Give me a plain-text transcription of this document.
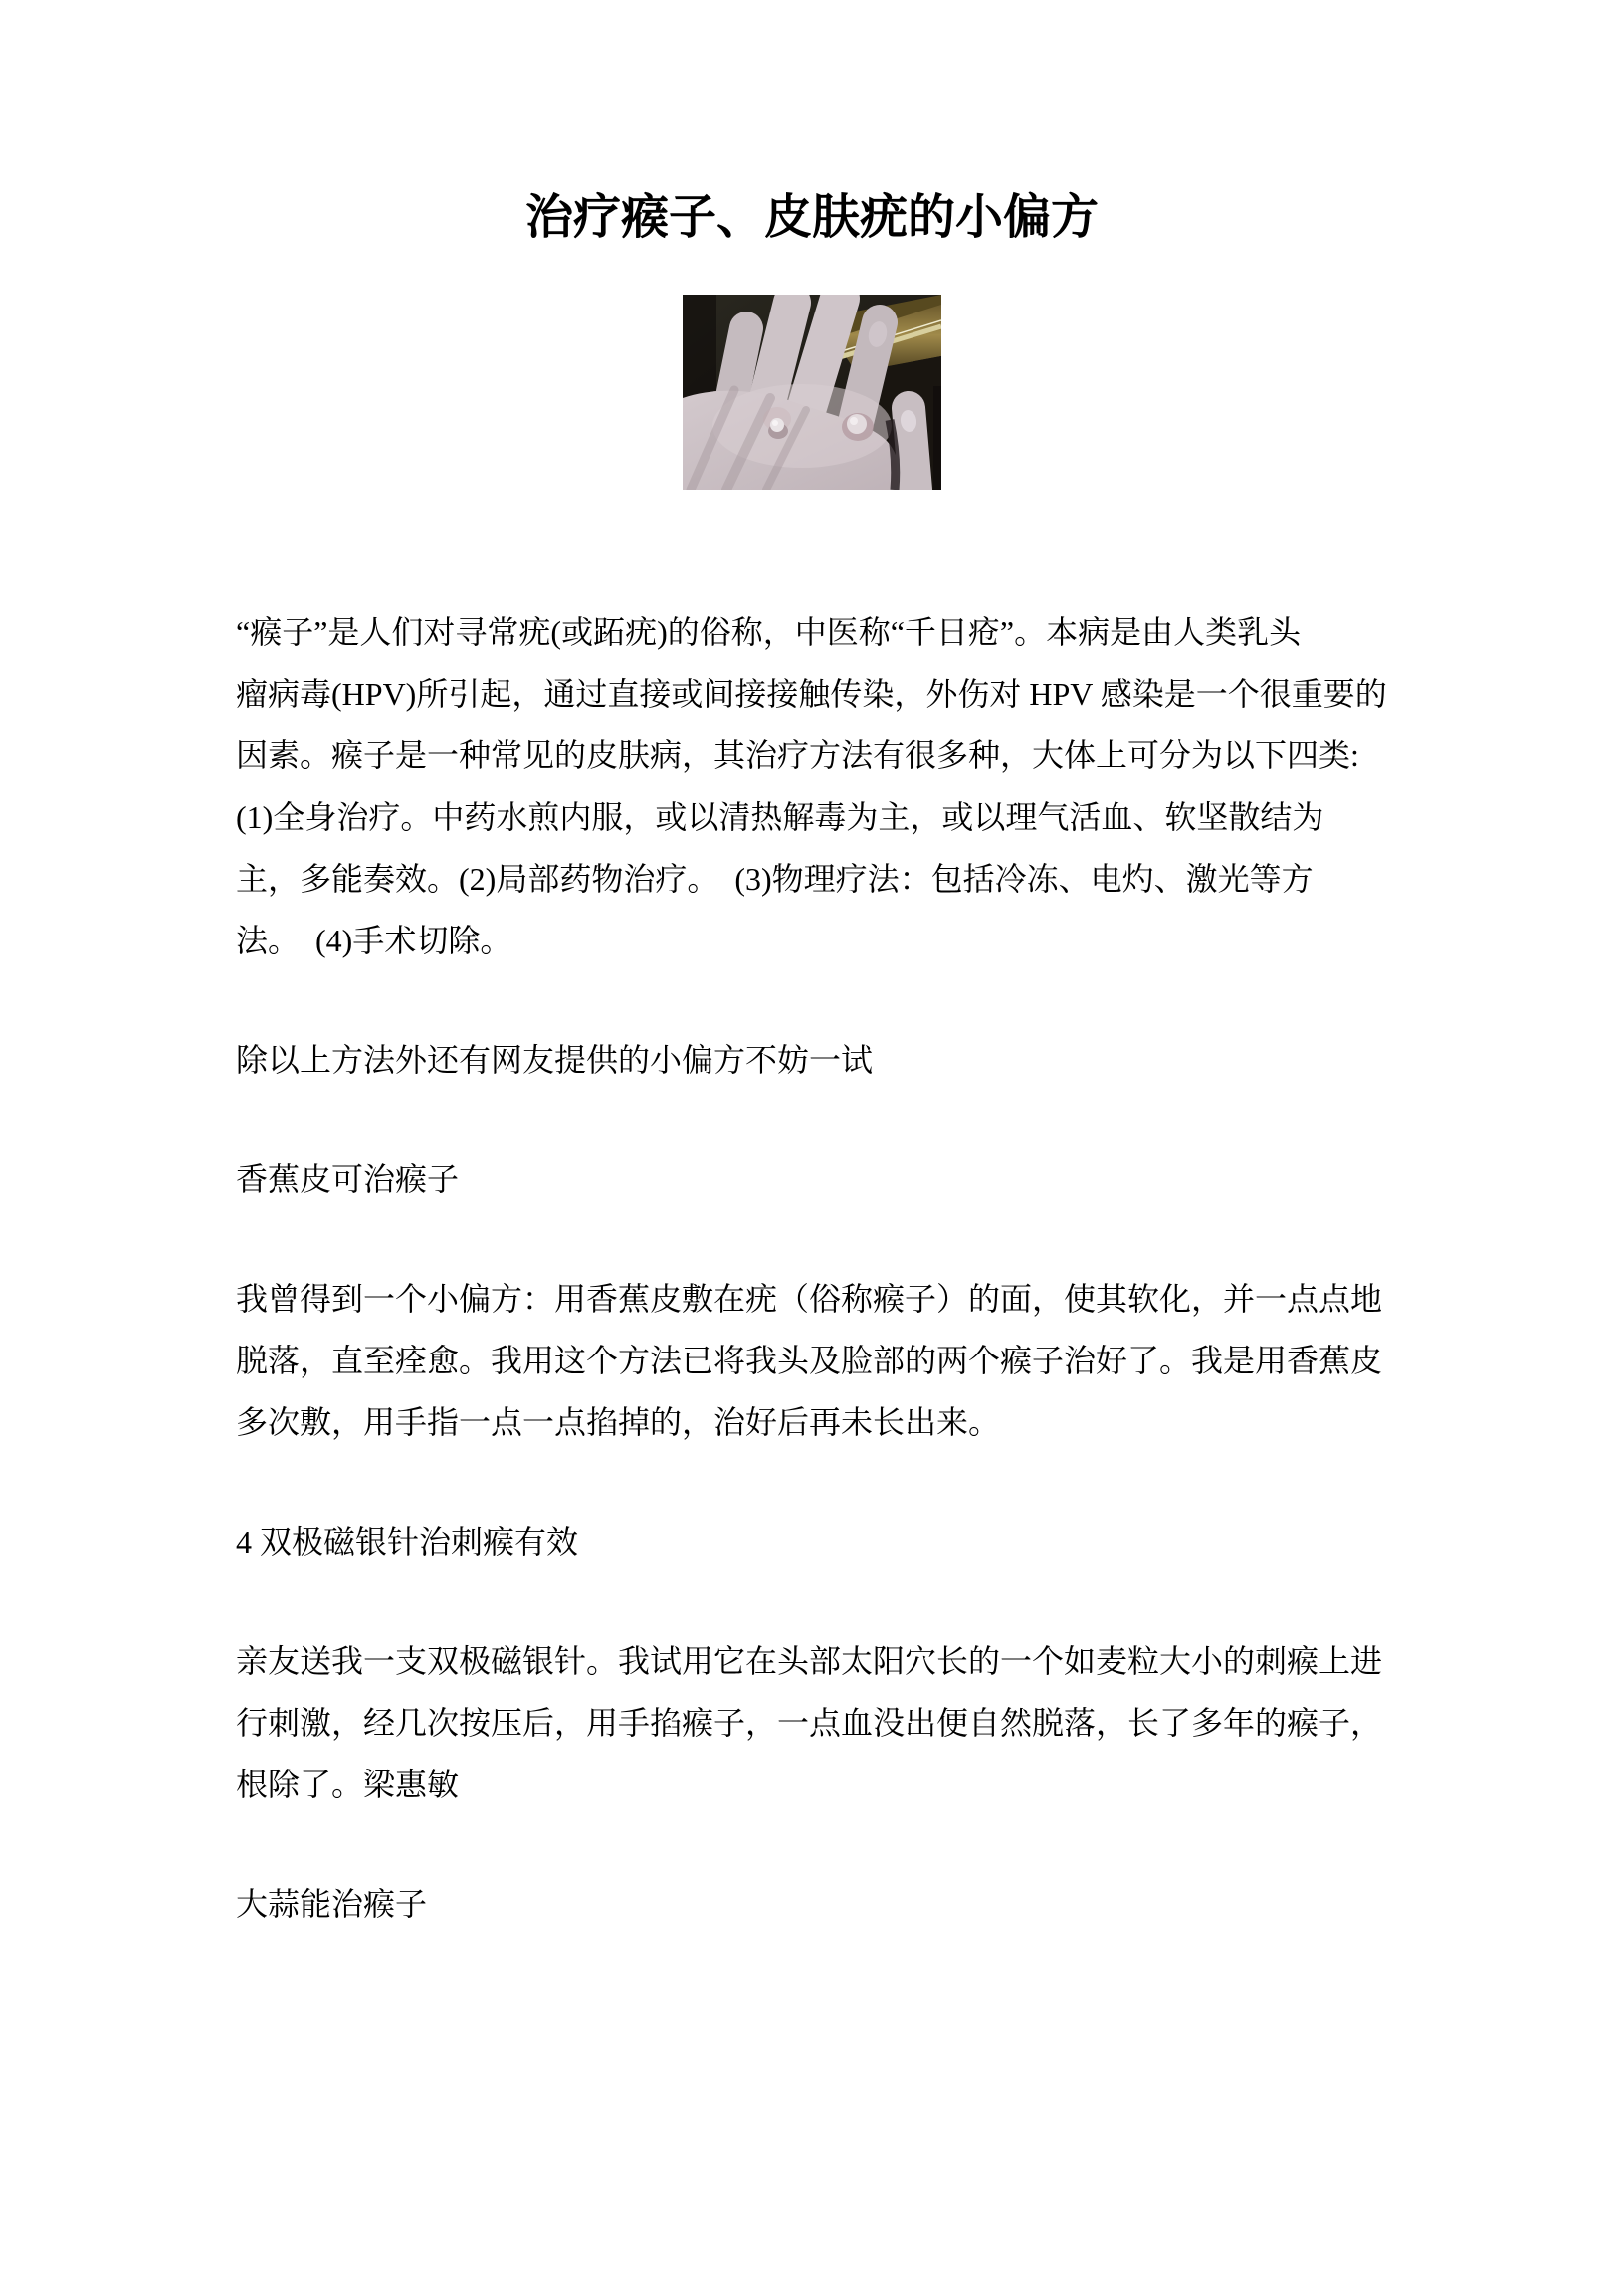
治疗瘊子、皮肤疣的小偏方
“瘊子”是人们对寻常疣(或跖疣)的俗称，中医称“千日疮”。本病是由人类乳头
瘤病毒(HPV)所引起，通过直接或间接接触传染，外伤对 HPV 感染是一个很重要的
因素。瘊子是一种常见的皮肤病，其治疗方法有很多种，大体上可分为以下四类:
(1)全身治疗。中药水煎内服，或以清热解毒为主，或以理气活血、软坚散结为
主，多能奏效。(2)局部药物治疗。　(3)物理疗法：包括冷冻、电灼、激光等方
法。　(4)手术切除。
除以上方法外还有网友提供的小偏方不妨一试
香蕉皮可治瘊子
我曾得到一个小偏方：用香蕉皮敷在疣（俗称瘊子）的面，使其软化，并一点点地
脱落，直至痊愈。我用这个方法已将我头及脸部的两个瘊子治好了。我是用香蕉皮
多次敷，用手指一点一点掐掉的，治好后再未长出来。
4 双极磁银针治刺瘊有效
亲友送我一支双极磁银针。我试用它在头部太阳穴长的一个如麦粒大小的刺瘊上进
行刺激，经几次按压后，用手掐瘊子，一点血没出便自然脱落，长了多年的瘊子，
根除了。梁惠敏
大蒜能治瘊子
